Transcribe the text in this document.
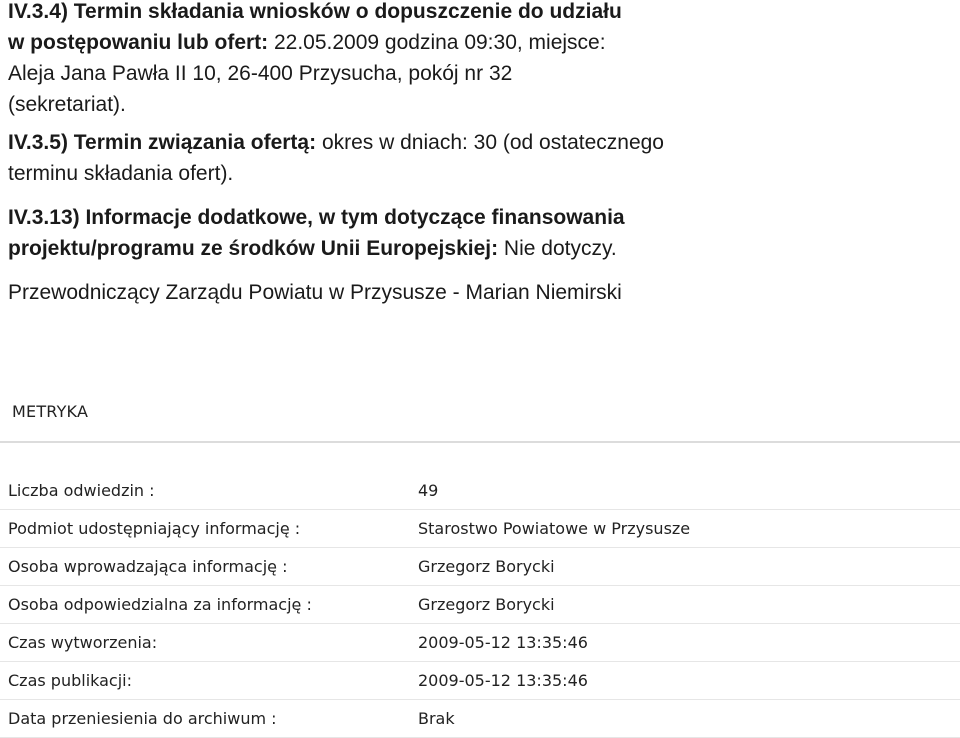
IV.3.4) Termin składania wniosków o dopuszczenie do udziału w postępowaniu lub ofert: 22.05.2009 godzina 09:30, miejsce: Aleja Jana Pawła II 10, 26-400 Przysucha, pokój nr 32 (sekretariat).
IV.3.5) Termin związania ofertą: okres w dniach: 30 (od ostatecznego terminu składania ofert).
IV.3.13) Informacje dodatkowe, w tym dotyczące finansowania projektu/programu ze środków Unii Europejskiej: Nie dotyczy.
Przewodniczący Zarządu Powiatu w Przysusze - Marian Niemirski
METRYKA
Liczba odwiedzin :	49
Podmiot udostępniający informację :	Starostwo Powiatowe w Przysusze
Osoba wprowadzająca informację :	Grzegorz Borycki
Osoba odpowiedzialna za informację :	Grzegorz Borycki
Czas wytworzenia:	2009-05-12 13:35:46
Czas publikacji:	2009-05-12 13:35:46
Data przeniesienia do archiwum :	Brak
